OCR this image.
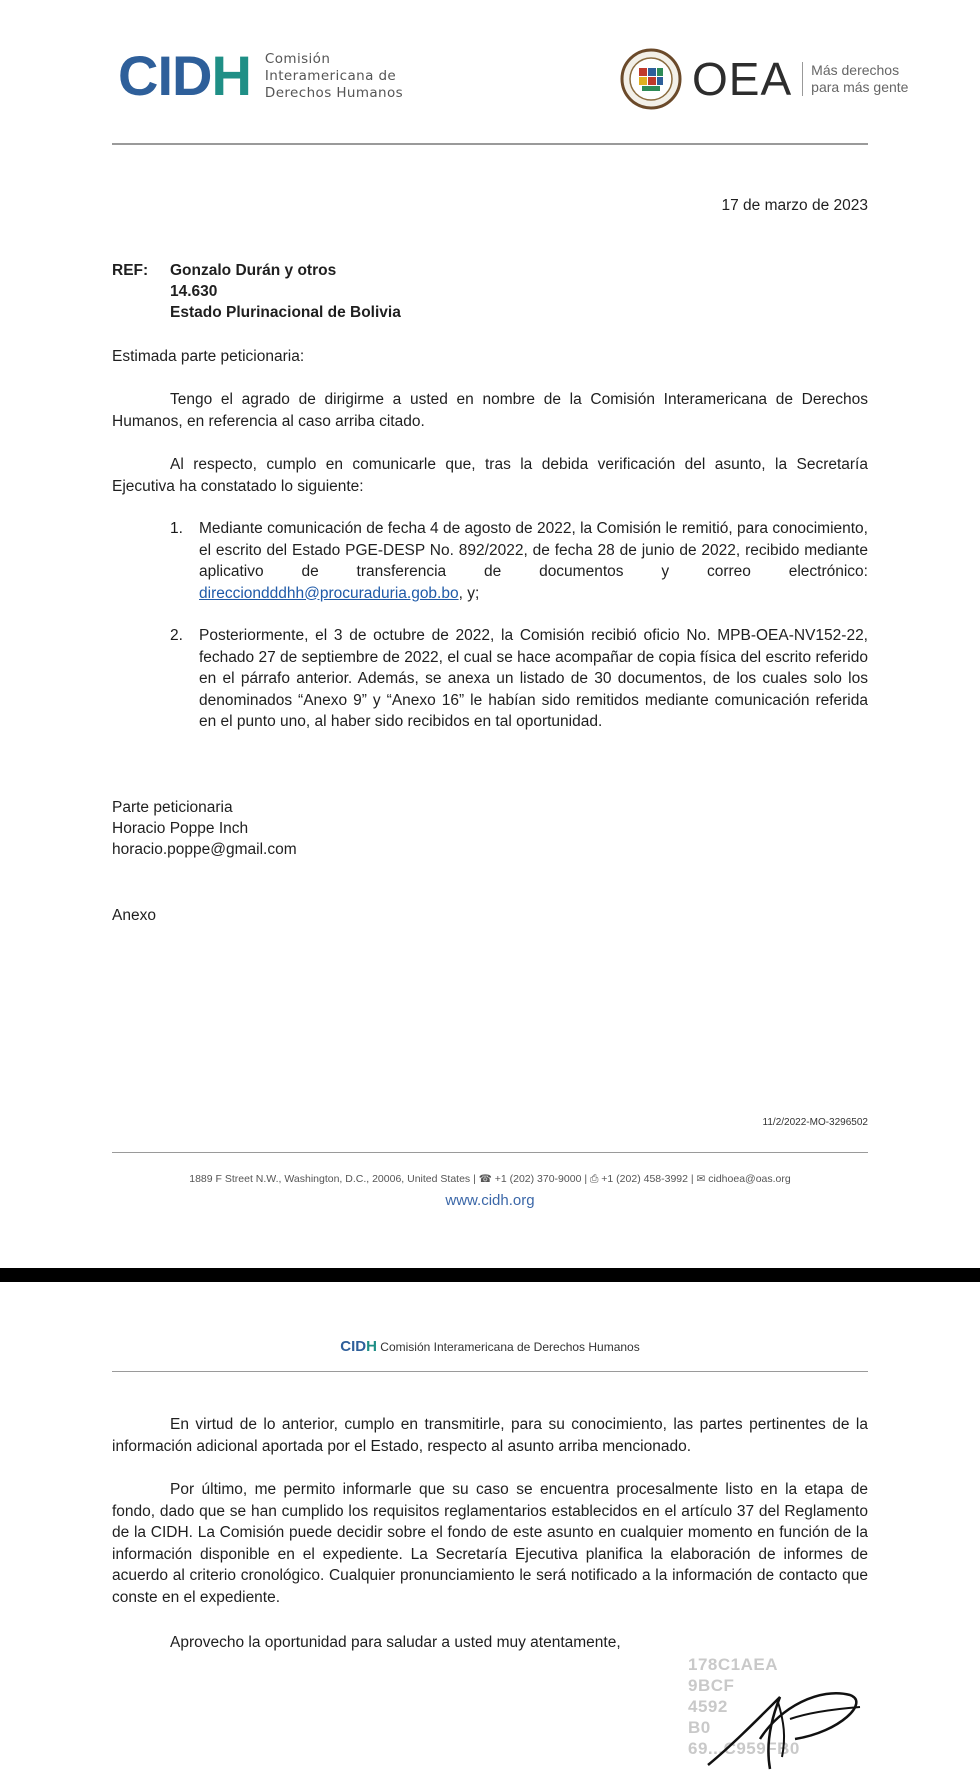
CIDH Comisión
Interamericana de
Derechos Humanos	OEA Más derechos
para más gente
17 de marzo de 2023
REF: Gonzalo Durán y otros
14.630
Estado Plurinacional de Bolivia
Estimada parte peticionaria:
Tengo el agrado de dirigirme a usted en nombre de la Comisión Interamericana de Derechos Humanos, en referencia al caso arriba citado.
Al respecto, cumplo en comunicarle que, tras la debida verificación del asunto, la Secretaría Ejecutiva ha constatado lo siguiente:
1. Mediante comunicación de fecha 4 de agosto de 2022, la Comisión le remitió, para conocimiento, el escrito del Estado PGE-DESP No. 892/2022, de fecha 28 de junio de 2022, recibido mediante aplicativo de transferencia de documentos y correo electrónico: direcciondddhh@procuraduria.gob.bo, y;
2. Posteriormente, el 3 de octubre de 2022, la Comisión recibió oficio No. MPB-OEA-NV152-22, fechado 27 de septiembre de 2022, el cual se hace acompañar de copia física del escrito referido en el párrafo anterior. Además, se anexa un listado de 30 documentos, de los cuales solo los denominados “Anexo 9” y “Anexo 16” le habían sido remitidos mediante comunicación referida en el punto uno, al haber sido recibidos en tal oportunidad.
Parte peticionaria
Horacio Poppe Inch
horacio.poppe@gmail.com
Anexo
11/2/2022-MO-3296502
1889 F Street N.W., Washington, D.C., 20006, United States | ☎ +1 (202) 370-9000 | ⎙ +1 (202) 458-3992 | ✉ cidhoea@oas.org
www.cidh.org
CIDH Comisión Interamericana de Derechos Humanos
En virtud de lo anterior, cumplo en transmitirle, para su conocimiento, las partes pertinentes de la información adicional aportada por el Estado, respecto al asunto arriba mencionado.
Por último, me permito informarle que su caso se encuentra procesalmente listo en la etapa de fondo, dado que se han cumplido los requisitos reglamentarios establecidos en el artículo 37 del Reglamento de la CIDH. La Comisión puede decidir sobre el fondo de este asunto en cualquier momento en función de la información disponible en el expediente. La Secretaría Ejecutiva planifica la elaboración de informes de acuerdo al criterio cronológico. Cualquier pronunciamiento le será notificado a la información de contacto que conste en el expediente.
Aprovecho la oportunidad para saludar a usted muy atentamente,
178C1AEA
9BCF
4592
B0
69...C959FB0
